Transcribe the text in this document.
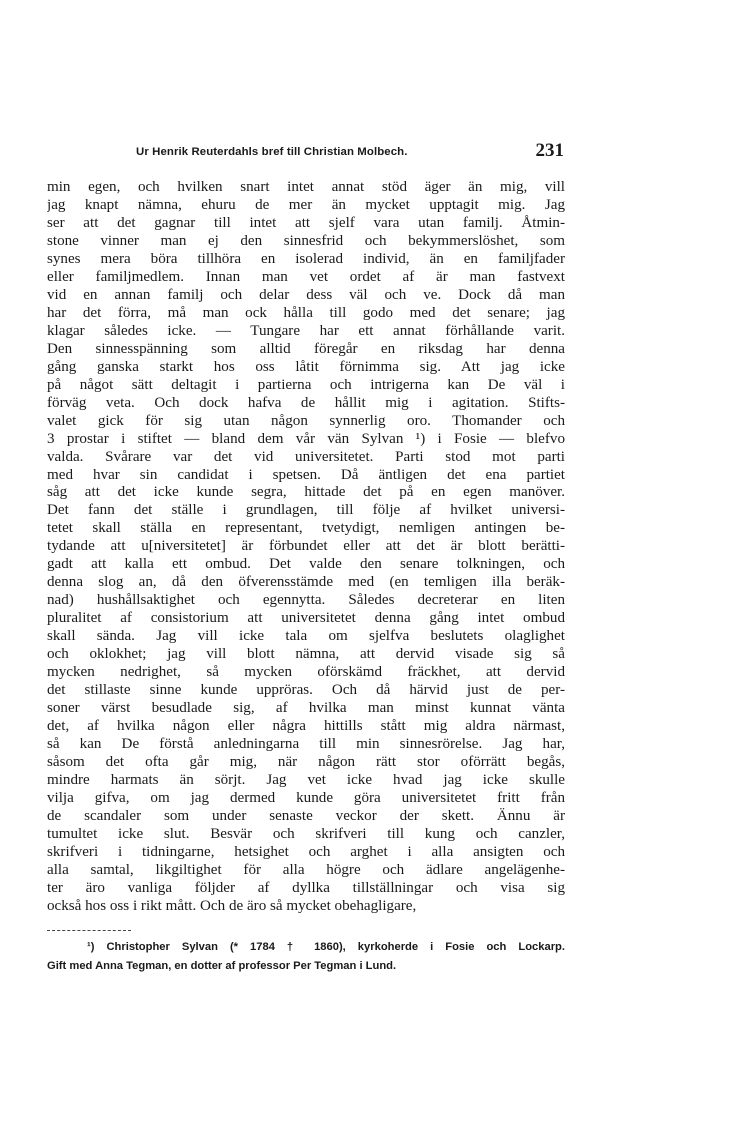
Ur Henrik Reuterdahls bref till Christian Molbech.	231
min egen, och hvilken snart intet annat stöd äger än mig, vill
jag knapt nämna, ehuru de mer än mycket upptagit mig. Jag
ser att det gagnar till intet att sjelf vara utan familj. Åtmin-
stone vinner man ej den sinnesfrid och bekymmerslöshet, som
synes mera böra tillhöra en isolerad individ, än en familjfader
eller familjmedlem. Innan man vet ordet af är man fastvext
vid en annan familj och delar dess väl och ve. Dock då man
har det förra, må man ock hålla till godo med det senare; jag
klagar således icke. — Tungare har ett annat förhållande varit.
Den sinnesspänning som alltid föregår en riksdag har denna
gång ganska starkt hos oss låtit förnimma sig. Att jag icke
på något sätt deltagit i partierna och intrigerna kan De väl i
förväg veta. Och dock hafva de hållit mig i agitation. Stifts-
valet gick för sig utan någon synnerlig oro. Thomander och
3 prostar i stiftet — bland dem vår vän Sylvan ¹) i Fosie — blefvo
valda. Svårare var det vid universitetet. Parti stod mot parti
med hvar sin candidat i spetsen. Då äntligen det ena partiet
såg att det icke kunde segra, hittade det på en egen manöver.
Det fann det ställe i grundlagen, till följe af hvilket universi-
tetet skall ställa en representant, tvetydigt, nemligen antingen be-
tydande att u[niversitetet] är förbundet eller att det är blott berätti-
gadt att kalla ett ombud. Det valde den senare tolkningen, och
denna slog an, då den öfverensstämde med (en temligen illa beräk-
nad) hushållsaktighet och egennytta. Således decreterar en liten
pluralitet af consistorium att universitetet denna gång intet ombud
skall sända. Jag vill icke tala om sjelfva beslutets olaglighet
och oklokhet; jag vill blott nämna, att dervid visade sig så
mycken nedrighet, så mycken oförskämd fräckhet, att dervid
det stillaste sinne kunde uppröras. Och då härvid just de per-
soner värst besudlade sig, af hvilka man minst kunnat vänta
det, af hvilka någon eller några hittills stått mig aldra närmast,
så kan De förstå anledningarna till min sinnesrörelse. Jag har,
såsom det ofta går mig, när någon rätt stor oförrätt begås,
mindre harmats än sörjt. Jag vet icke hvad jag icke skulle
vilja gifva, om jag dermed kunde göra universitetet fritt från
de scandaler som under senaste veckor der skett. Ännu är
tumultet icke slut. Besvär och skrifveri till kung och canzler,
skrifveri i tidningarne, hetsighet och arghet i alla ansigten och
alla samtal, likgiltighet för alla högre och ädlare angelägenhe-
ter äro vanliga följder af dyllka tillställningar och visa sig
också hos oss i rikt mått. Och de äro så mycket obehagligare,
¹) Christopher Sylvan (* 1784 † 1860), kyrkoherde i Fosie och Lockarp.
Gift med Anna Tegman, en dotter af professor Per Tegman i Lund.
